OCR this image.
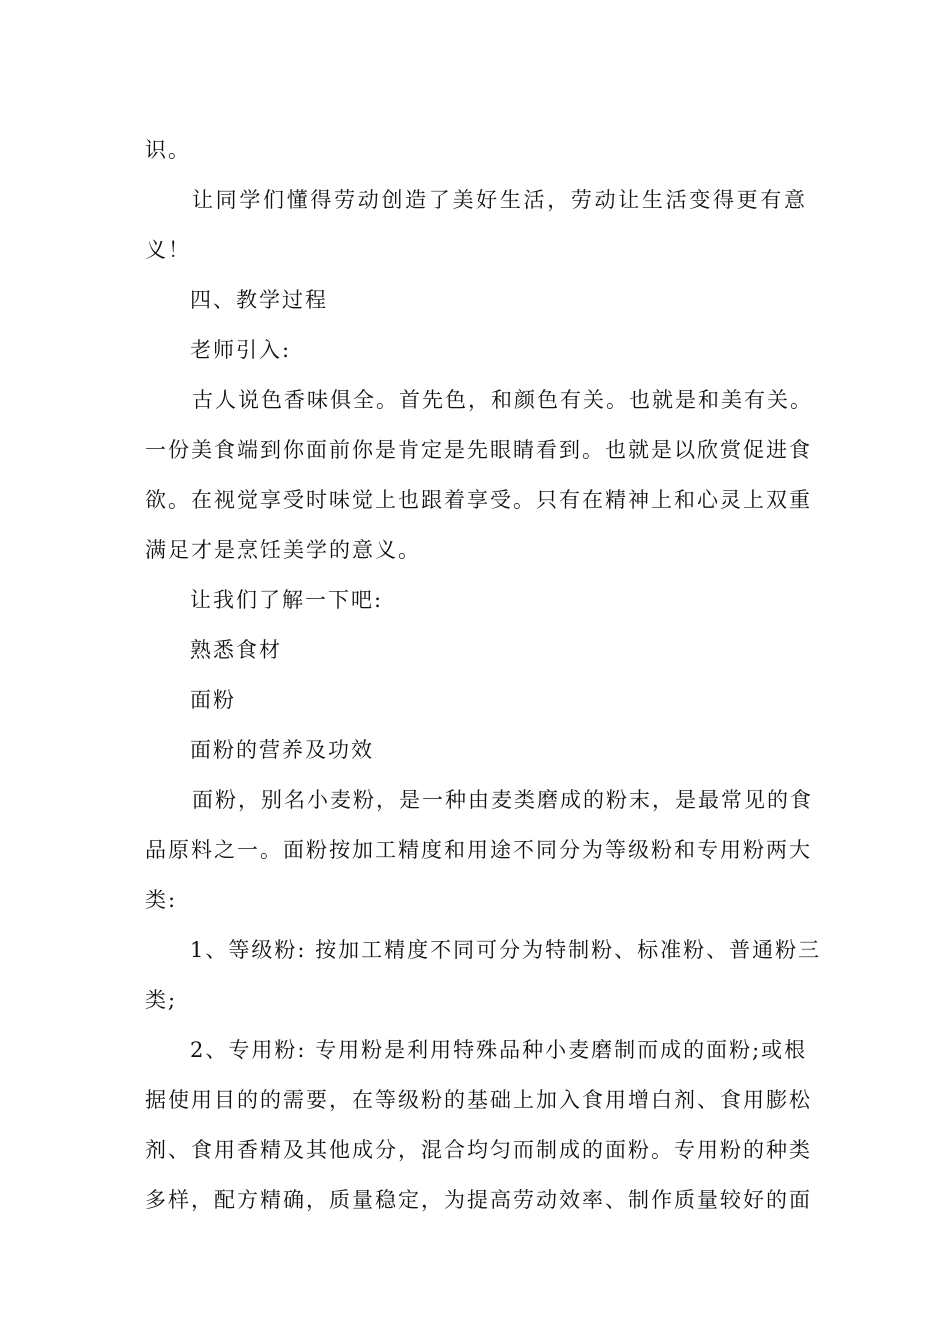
识。
让同学们懂得劳动创造了美好生活，劳动让生活变得更有意
义！
四、教学过程
老师引入:
古人说色香味俱全。首先色，和颜色有关。也就是和美有关。
一份美食端到你面前你是肯定是先眼睛看到。也就是以欣赏促进食
欲。在视觉享受时味觉上也跟着享受。只有在精神上和心灵上双重
满足才是烹饪美学的意义。
让我们了解一下吧:
熟悉食材
面粉
面粉的营养及功效
面粉，别名小麦粉，是一种由麦类磨成的粉末，是最常见的食
品原料之一。面粉按加工精度和用途不同分为等级粉和专用粉两大
类:
1、等级粉: 按加工精度不同可分为特制粉、标准粉、普通粉三
类;
2、专用粉: 专用粉是利用特殊品种小麦磨制而成的面粉;或根
据使用目的的需要，在等级粉的基础上加入食用增白剂、食用膨松
剂、食用香精及其他成分，混合均匀而制成的面粉。专用粉的种类
多样，配方精确，质量稳定，为提高劳动效率、制作质量较好的面
